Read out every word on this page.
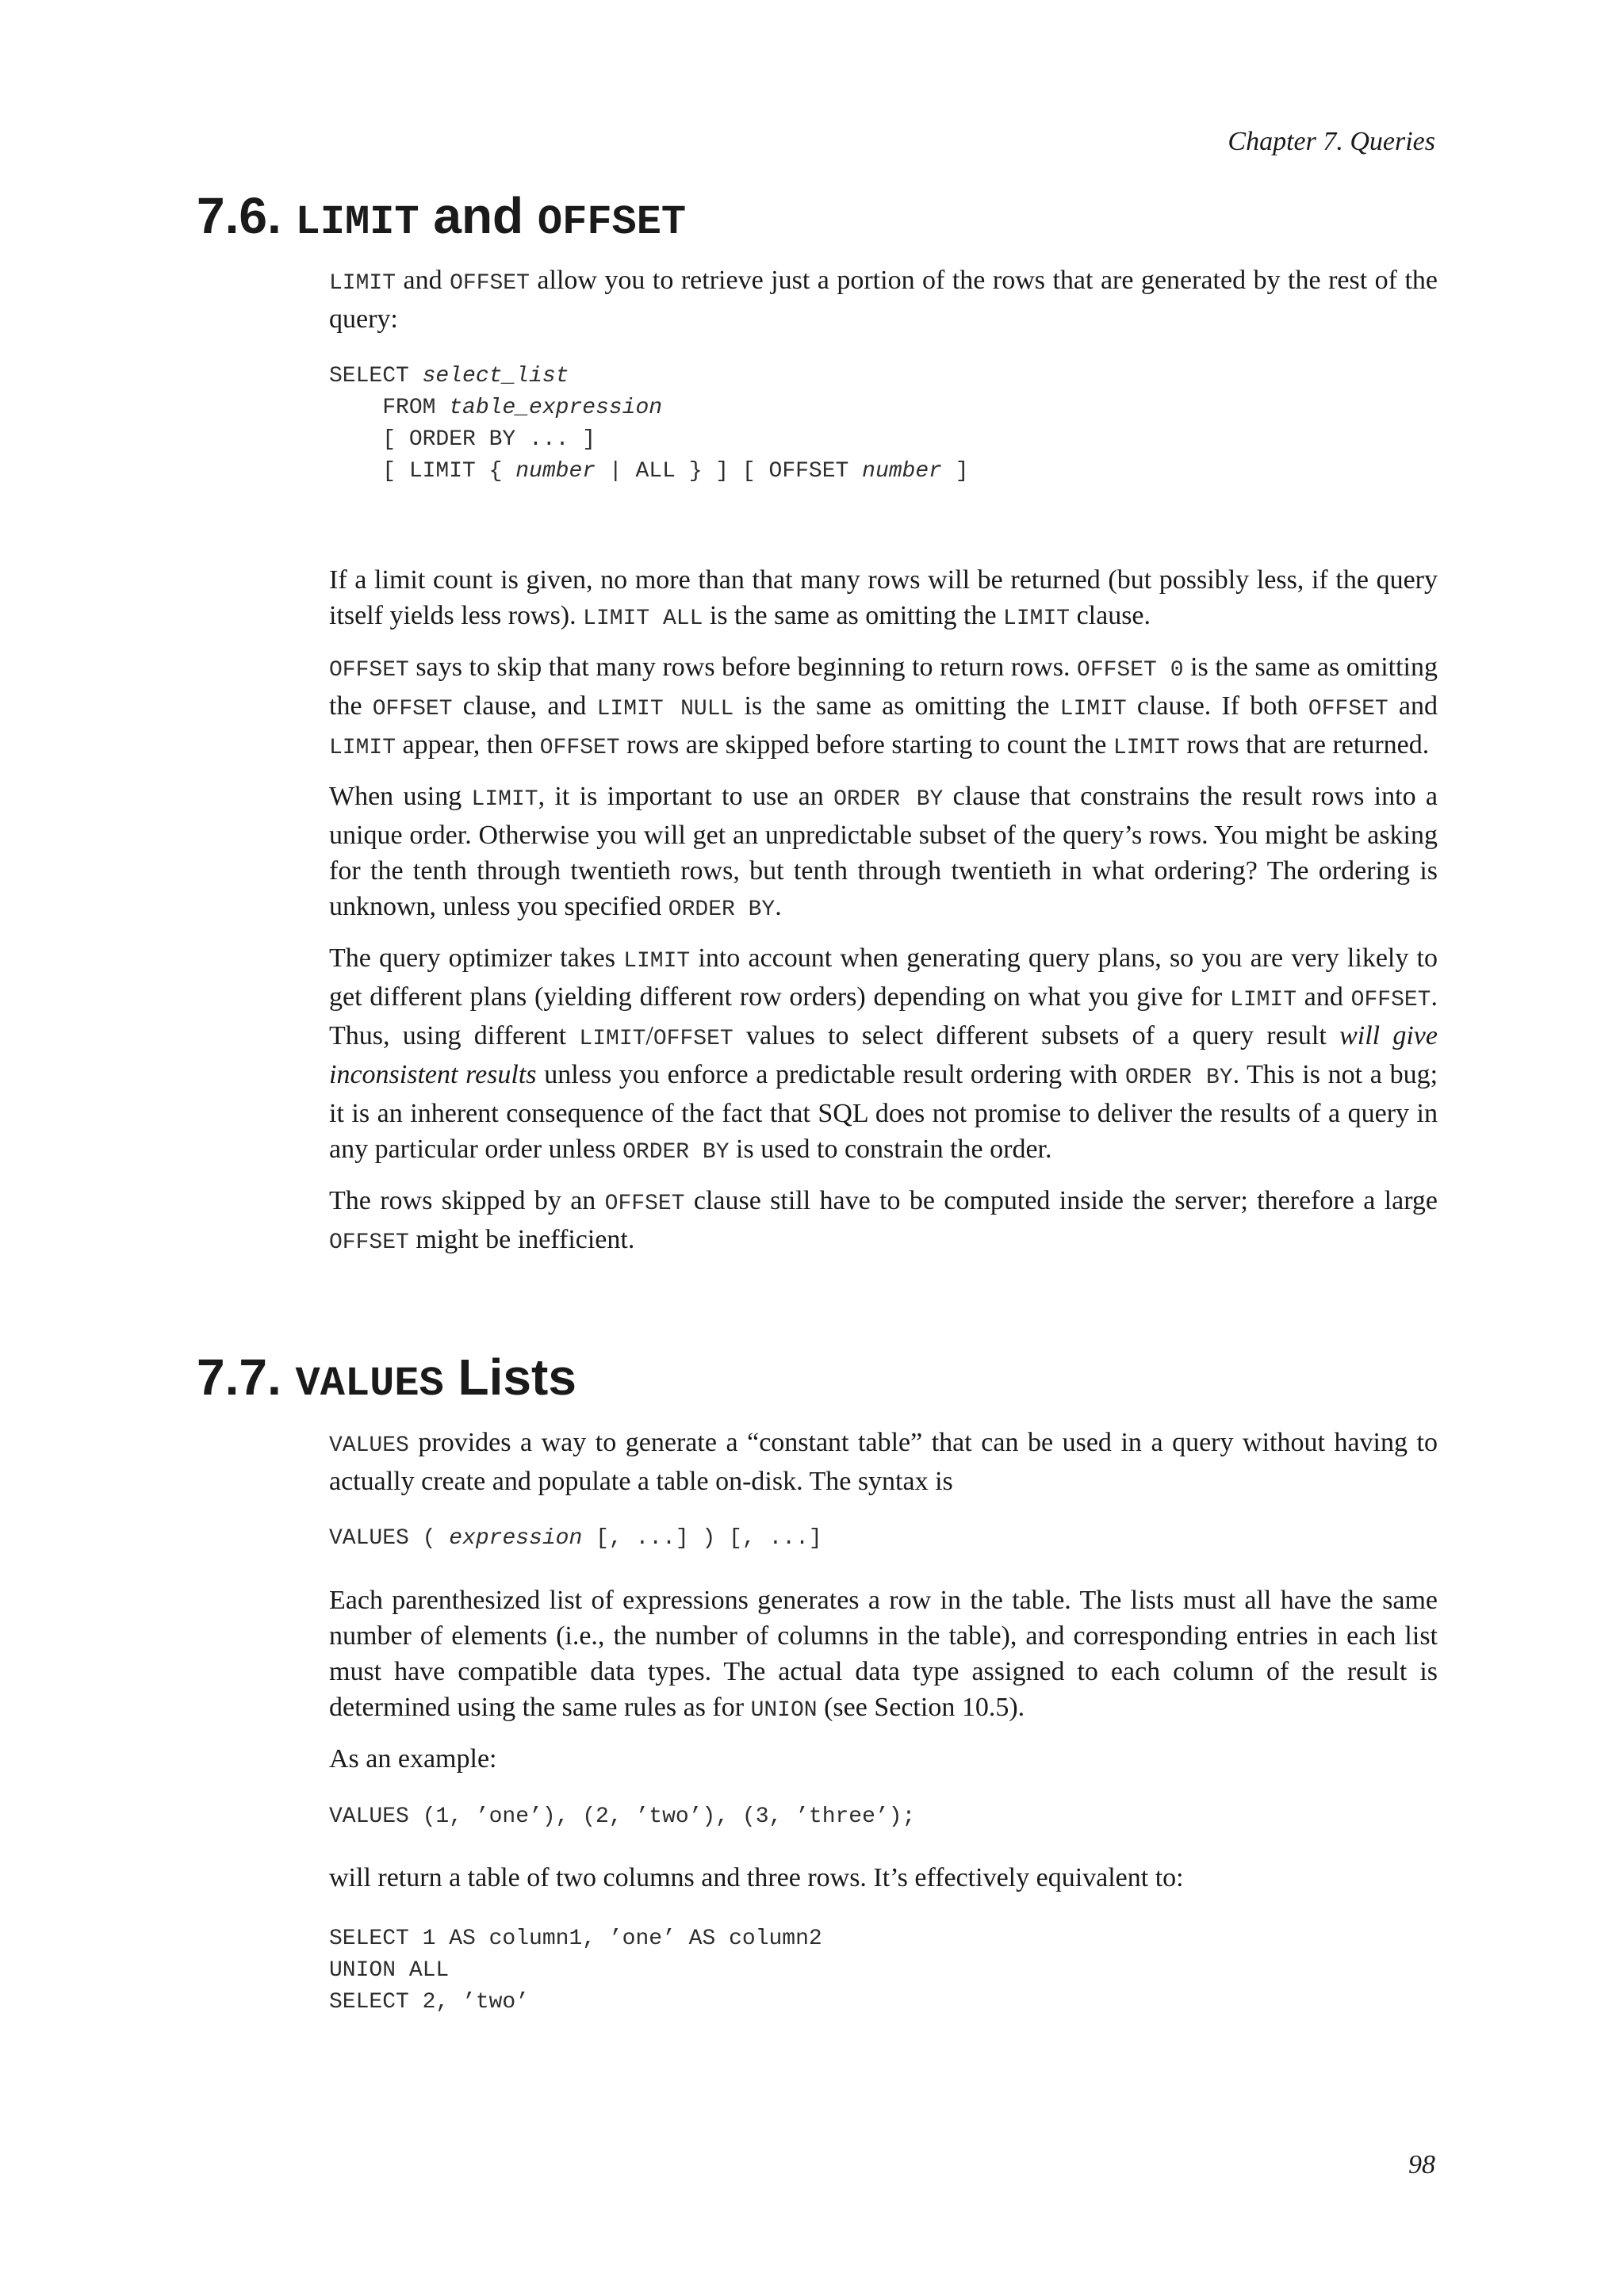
Chapter 7. Queries
7.6. LIMIT and OFFSET

LIMIT and OFFSET allow you to retrieve just a portion of the rows that are generated by the rest of the query:

SELECT select_list
FROM table_expression
[ ORDER BY ... ]
[ LIMIT { number | ALL } ] [ OFFSET number ]

If a limit count is given, no more than that many rows will be returned (but possibly less, if the query itself yields less rows). LIMIT ALL is the same as omitting the LIMIT clause.

OFFSET says to skip that many rows before beginning to return rows. OFFSET 0 is the same as omitting the OFFSET clause, and LIMIT NULL is the same as omitting the LIMIT clause. If both OFFSET and LIMIT appear, then OFFSET rows are skipped before starting to count the LIMIT rows that are returned.

When using LIMIT, it is important to use an ORDER BY clause that constrains the result rows into a unique order. Otherwise you will get an unpredictable subset of the query’s rows. You might be asking for the tenth through twentieth rows, but tenth through twentieth in what ordering? The ordering is unknown, unless you specified ORDER BY.

The query optimizer takes LIMIT into account when generating query plans, so you are very likely to get different plans (yielding different row orders) depending on what you give for LIMIT and OFFSET. Thus, using different LIMIT/OFFSET values to select different subsets of a query result will give inconsistent results unless you enforce a predictable result ordering with ORDER BY. This is not a bug; it is an inherent consequence of the fact that SQL does not promise to deliver the results of a query in any particular order unless ORDER BY is used to constrain the order.

The rows skipped by an OFFSET clause still have to be computed inside the server; therefore a large OFFSET might be inefficient.

7.7. VALUES Lists

VALUES provides a way to generate a “constant table” that can be used in a query without having to actually create and populate a table on-disk. The syntax is

VALUES ( expression [, ...] ) [, ...]

Each parenthesized list of expressions generates a row in the table. The lists must all have the same number of elements (i.e., the number of columns in the table), and corresponding entries in each list must have compatible data types. The actual data type assigned to each column of the result is determined using the same rules as for UNION (see Section 10.5).

As an example:

VALUES (1, ’one’), (2, ’two’), (3, ’three’);

will return a table of two columns and three rows. It’s effectively equivalent to:

SELECT 1 AS column1, ’one’ AS column2
UNION ALL
SELECT 2, ’two’
98
